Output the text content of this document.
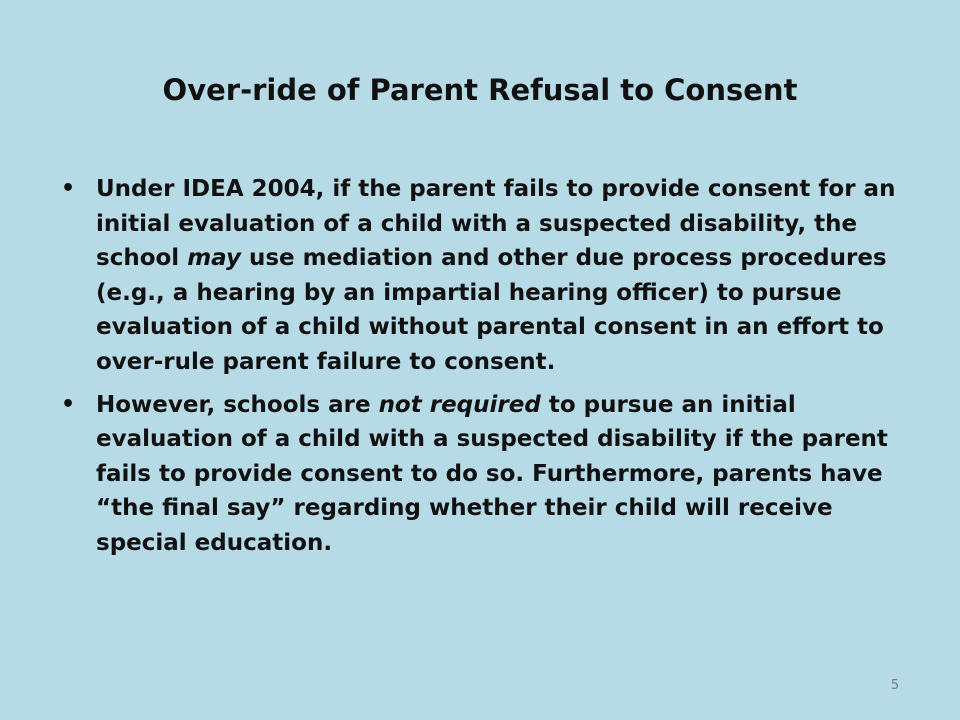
Over-ride of Parent Refusal to Consent
• Under IDEA 2004, if the parent fails to provide consent for an initial evaluation of a child with a suspected disability, the school may use mediation and other due process procedures (e.g., a hearing by an impartial hearing officer) to pursue evaluation of a child without parental consent in an effort to over-rule parent failure to consent.
• However, schools are not required to pursue an initial evaluation of a child with a suspected disability if the parent fails to provide consent to do so. Furthermore, parents have “the final say” regarding whether their child will receive special education.
5
